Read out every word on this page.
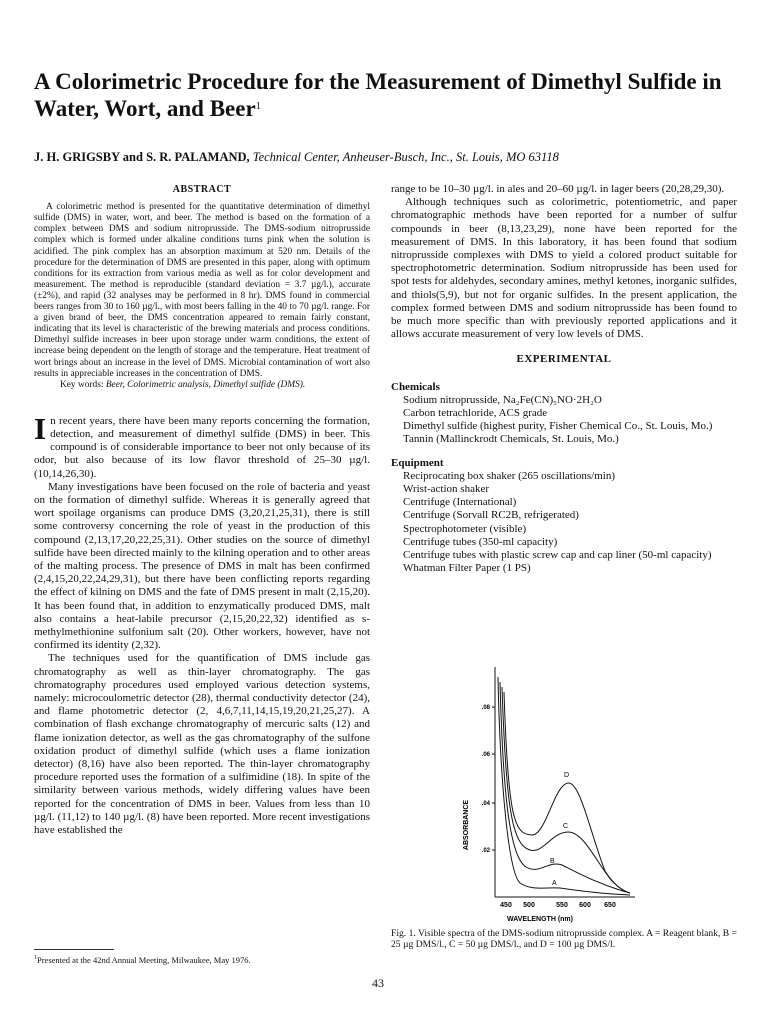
A Colorimetric Procedure for the Measurement of Dimethyl Sulfide in Water, Wort, and Beer$^1$
J. H. GRIGSBY and S. R. PALAMAND, Technical Center, Anheuser-Busch, Inc., St. Louis, MO 63118
ABSTRACT

A colorimetric method is presented for the quantitative determination of dimethyl sulfide (DMS) in water, wort, and beer. The method is based on the formation of a complex between DMS and sodium nitroprusside. The DMS-sodium nitroprusside complex which is formed under alkaline conditions turns pink when the solution is acidified. The pink complex has an absorption maximum at 520 nm. Details of the procedure for the determination of DMS are presented in this paper, along with optimum conditions for its extraction from various media as well as for color development and measurement. The method is reproducible (standard deviation = 3.7 µg/l.), accurate (±2%), and rapid (32 analyses may be performed in 8 hr). DMS found in commercial beers ranges from 30 to 160 µg/l., with most beers falling in the 40 to 70 µg/l. range. For a given brand of beer, the DMS concentration appeared to remain fairly constant, indicating that its level is characteristic of the brewing materials and process conditions. Dimethyl sulfide increases in beer upon storage under warm conditions, the extent of increase being dependent on the length of storage and the temperature. Heat treatment of wort brings about an increase in the level of DMS. Microbial contamination of wort also results in appreciable increases in the concentration of DMS.

Key words: Beer, Colorimetric analysis, Dimethyl sulfide (DMS).

In recent years, there have been many reports concerning the formation, detection, and measurement of dimethyl sulfide (DMS) in beer. This compound is of considerable importance to beer not only because of its odor, but also because of its low flavor threshold of 25–30 µg/l. (10,14,26,30).

Many investigations have been focused on the role of bacteria and yeast on the formation of dimethyl sulfide. Whereas it is generally agreed that wort spoilage organisms can produce DMS (3,20,21,25,31), there is still some controversy concerning the role of yeast in the production of this compound (2,13,17,20,22,25,31). Other studies on the source of dimethyl sulfide have been directed mainly to the kilning operation and to other areas of the malting process. The presence of DMS in malt has been confirmed (2,4,15,20,22,24,29,31), but there have been conflicting reports regarding the effect of kilning on DMS and the fate of DMS present in malt (2,15,20). It has been found that, in addition to enzymatically produced DMS, malt also contains a heat-labile precursor (2,15,20,22,32) identified as s-methylmethionine sulfonium salt (20). Other workers, however, have not confirmed its identity (2,32).

The techniques used for the quantification of DMS include gas chromatography as well as thin-layer chromatography. The gas chromatography procedures used employed various detection systems, namely: microcoulometric detector (28), thermal conductivity detector (24), and flame photometric detector (2, 4,6,7,11,14,15,19,20,21,25,27). A combination of flash exchange chromatography of mercuric salts (12) and flame ionization detector, as well as the gas chromatography of the sulfone oxidation product of dimethyl sulfide (which uses a flame ionization detector) (8,16) have also been reported. The thin-layer chromatography procedure reported uses the formation of a sulfimidine (18). In spite of the similarity between various methods, widely differing values have been reported for the concentration of DMS in beer. Values from less than 10 µg/l. (11,12) to 140 µg/l. (8) have been reported. More recent investigations have established the

range to be 10–30 µg/l. in ales and 20–60 µg/l. in lager beers (20,28,29,30).

Although techniques such as colorimetric, potentiometric, and paper chromatographic methods have been reported for a number of sulfur compounds in beer (8,13,23,29), none have been reported for the measurement of DMS. In this laboratory, it has been found that sodium nitroprusside complexes with DMS to yield a colored product suitable for spectrophotometric determination. Sodium nitroprusside has been used for spot tests for aldehydes, secondary amines, methyl ketones, inorganic sulfides, and thiols(5,9), but not for organic sulfides. In the present application, the complex formed between DMS and sodium nitroprusside has been found to be much more specific than with previously reported applications and it allows accurate measurement of very low levels of DMS.

EXPERIMENTAL
Chemicals
Sodium nitroprusside, Na₂Fe(CN)₅NO·2H₂O
Carbon tetrachloride, ACS grade
Dimethyl sulfide (highest purity, Fisher Chemical Co., St. Louis, Mo.)
Tannin (Mallinckrodt Chemicals, St. Louis, Mo.)
Equipment
Reciprocating box shaker (265 oscillations/min)
Wrist-action shaker
Centrifuge (International)
Centrifuge (Sorvall RC2B, refrigerated)
Spectrophotometer (visible)
Centrifuge tubes (350-ml capacity)
Centrifuge tubes with plastic screw cap and cap liner (50-ml capacity)
Whatman Filter Paper (1 PS)
.08
.06
.04
.02
ABSORBANCE
450 500	550 600 650
WAVELENGTH (nm)
A
B
C
D
Fig. 1. Visible spectra of the DMS-sodium nitroprusside complex. A = Reagent blank, B = 25 µg DMS/l., C = 50 µg DMS/l., and D = 100 µg DMS/l.
$^1$Presented at the 42nd Annual Meeting, Milwaukee, May 1976.
43
